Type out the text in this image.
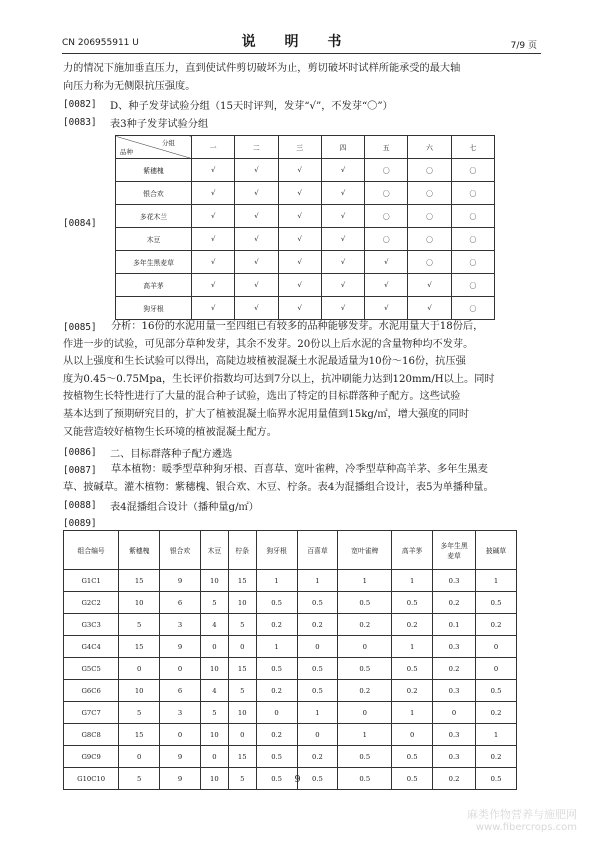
CN 206955911 U	说 明 书	7/9 页

力的情况下施加垂直压力，直到使试件剪切破坏为止，剪切破坏时试样所能承受的最大轴

向压力称为无侧限抗压强度。

[0082] D、种子发芽试验分组（15天时评判，发芽“√”，不发芽“〇”）
[0083] 表3种子发芽试验分组
[0084]
分组
品种	一	二	三	四	五	六	七
紫穗槐	√	√	√	√	〇	〇	〇
银合欢	√	√	√	√	〇	〇	〇
多花木兰	√	√	√	√	〇	〇	〇
木豆	√	√	√	√	〇	〇	〇
多年生黑麦草	√	√	√	√	√	〇	〇
高羊茅	√	√	√	√	√	√	〇
狗牙根	√	√	√	√	√	√	〇
[0085]	分析：16份的水泥用量一至四组已有较多的品种能够发芽。水泥用量大于18份后，

作进一步的试验，可见部分草种发芽，其余不发芽。20份以上后水泥的含量物种均不发芽。

从以上强度和生长试验可以得出，高陡边坡植被混凝土水泥最适量为10份～16份，抗压强

度为0.45～0.75Mpa，生长评价指数均可达到7分以上，抗冲刷能力达到120mm/H以上。同时

按植物生长特性进行了大量的混合种子试验，选出了特定的目标群落种子配方。这些试验

基本达到了预期研究目的，扩大了植被混凝土临界水泥用量值到15kg/㎡，增大强度的同时

又能营造较好植物生长环境的植被混凝土配方。

[0086] 二、目标群落种子配方遴选
[0087]	草本植物：暖季型草种狗牙根、百喜草、宽叶雀稗，冷季型草种高羊茅、多年生黑麦

草、披碱草。灌木植物：紫穗槐、银合欢、木豆、柠条。表4为混播组合设计，表5为单播种量。

[0088] 表4混播组合设计（播种量g/㎡）
[0089]
组合编号	紫穗槐	银合欢	木豆	柠条	狗牙根	百喜草	宽叶雀稗	高羊茅	多年生黑麦草	披碱草
G1C1	15	9	10	15	1	1	1	1	0.3	1
G2C2	10	6	5	10	0.5	0.5	0.5	0.5	0.2	0.5
G3C3	5	3	4	5	0.2	0.2	0.2	0.2	0.1	0.2
G4C4	15	9	0	0	1	0	0	1	0.3	0
G5C5	0	0	10	15	0.5	0.5	0.5	0.5	0.2	0
G6C6	10	6	4	5	0.2	0.5	0.2	0.2	0.3	0.5
G7C7	5	3	5	10	0	1	0	1	0	0.2
G8C8	15	0	10	0	0.2	0	1	0	0.3	1
G9C9	0	9	0	15	0.5	0.2	0.5	0.5	0.3	0.2
G10C10	5	9	10	5	0.5	0.5	0.5	0.5	0.2	0.5
9
麻类作物营养与施肥网
www.fibercrops.com
